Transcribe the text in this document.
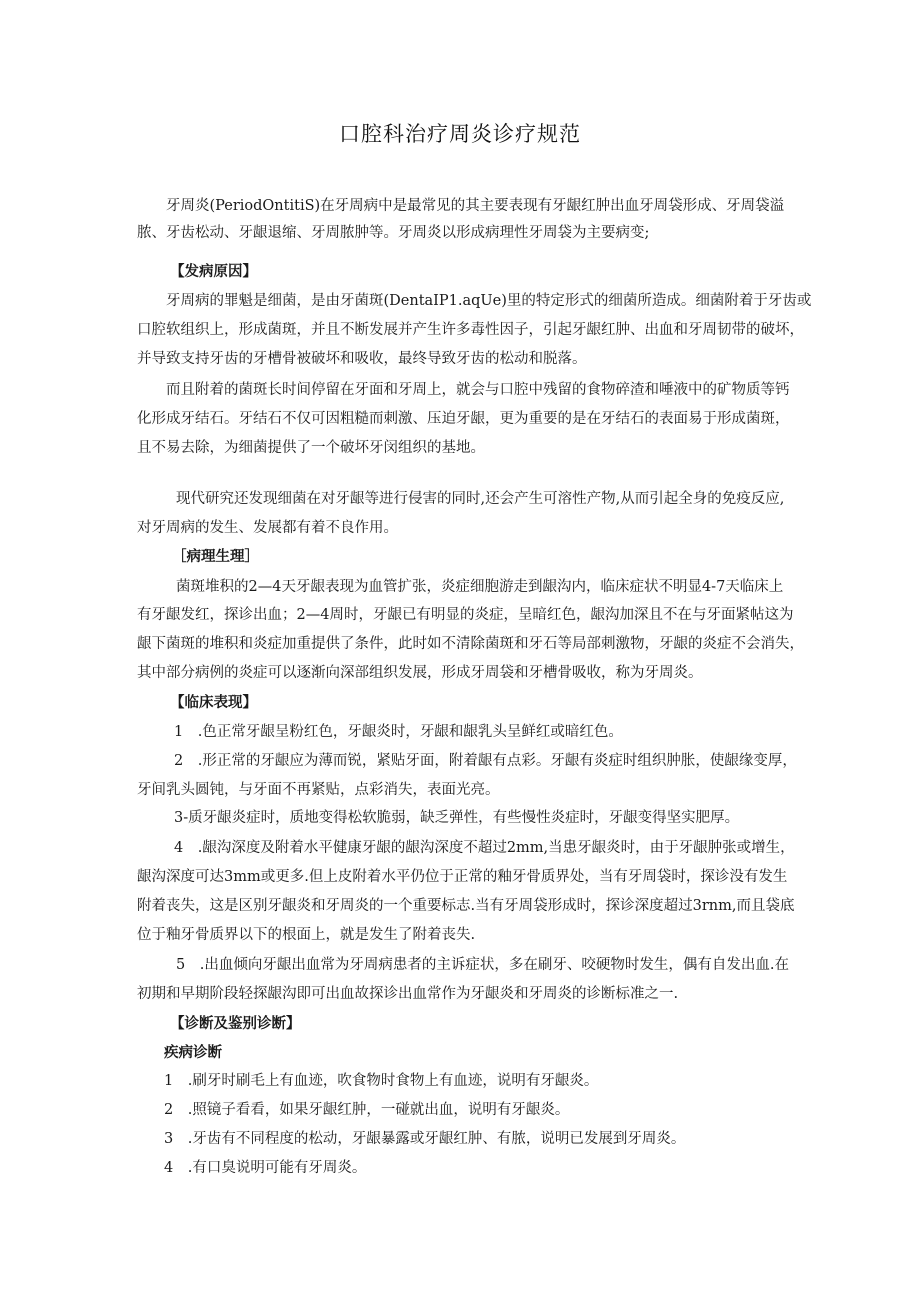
口腔科治疗周炎诊疗规范
牙周炎(PeriodOntitiS)在牙周病中是最常见的其主要表现有牙龈红肿出血牙周袋形成、牙周袋溢
脓、牙齿松动、牙龈退缩、牙周脓肿等。牙周炎以形成病理性牙周袋为主要病变;
【发病原因】
牙周病的罪魁是细菌，是由牙菌斑(DentaIP1.aqUe)里的特定形式的细菌所造成。细菌附着于牙齿或
口腔软组织上，形成菌斑，并且不断发展并产生许多毒性因子，引起牙龈红肿、出血和牙周韧带的破坏，
并导致支持牙齿的牙槽骨被破坏和吸收，最终导致牙齿的松动和脱落。
而且附着的菌斑长时间停留在牙面和牙周上，就会与口腔中残留的食物碎渣和唾液中的矿物质等钙
化形成牙结石。牙结石不仅可因粗糙而刺激、压迫牙龈，更为重要的是在牙结石的表面易于形成菌斑，
且不易去除，为细菌提供了一个破坏牙闵组织的基地。
现代研究还发现细菌在对牙龈等进行侵害的同时,还会产生可溶性产物,从而引起全身的免疫反应,
对牙周病的发生、发展都有着不良作用。
［病理生理］
菌斑堆积的2—4天牙龈表现为血管扩张，炎症细胞游走到龈沟内，临床症状不明显4-7天临床上
有牙龈发红，探诊出血；2—4周时，牙龈已有明显的炎症，呈暗红色，龈沟加深且不在与牙面紧帖这为
龈下菌斑的堆积和炎症加重提供了条件，此时如不清除菌斑和牙石等局部刺激物，牙龈的炎症不会消失，
其中部分病例的炎症可以逐渐向深部组织发展，形成牙周袋和牙槽骨吸收，称为牙周炎。
【临床表现】
1　.色正常牙龈呈粉红色，牙龈炎时，牙龈和龈乳头呈鲜红或暗红色。
2　.形正常的牙龈应为薄而锐，紧贴牙面，附着龈有点彩。牙龈有炎症时组织肿胀，使龈缘变厚，
牙间乳头圆钝，与牙面不再紧贴，点彩消失，表面光亮。
3-质牙龈炎症时，质地变得松软脆弱，缺乏弹性，有些慢性炎症时，牙龈变得坚实肥厚。
4　.龈沟深度及附着水平健康牙龈的龈沟深度不超过2mm,当患牙龈炎时，由于牙龈肿张或增生，
龈沟深度可达3mm或更多.但上皮附着水平仍位于正常的釉牙骨质界处，当有牙周袋时，探诊没有发生
附着丧失，这是区别牙龈炎和牙周炎的一个重要标志.当有牙周袋形成时，探诊深度超过3rnm,而且袋底
位于釉牙骨质界以下的根面上，就是发生了附着丧失.
5　.出血倾向牙龈出血常为牙周病患者的主诉症状，多在刷牙、咬硬物时发生，偶有自发出血.在
初期和早期阶段轻探龈沟即可出血故探诊出血常作为牙龈炎和牙周炎的诊断标准之一.
【诊断及鉴别诊断】
疾病诊断
1　.刷牙时刷毛上有血迹，吹食物时食物上有血迹，说明有牙龈炎。
2　.照镜子看看，如果牙龈红肿，一碰就出血，说明有牙龈炎。
3　.牙齿有不同程度的松动，牙龈暴露或牙龈红肿、有脓，说明已发展到牙周炎。
4　.有口臭说明可能有牙周炎。
